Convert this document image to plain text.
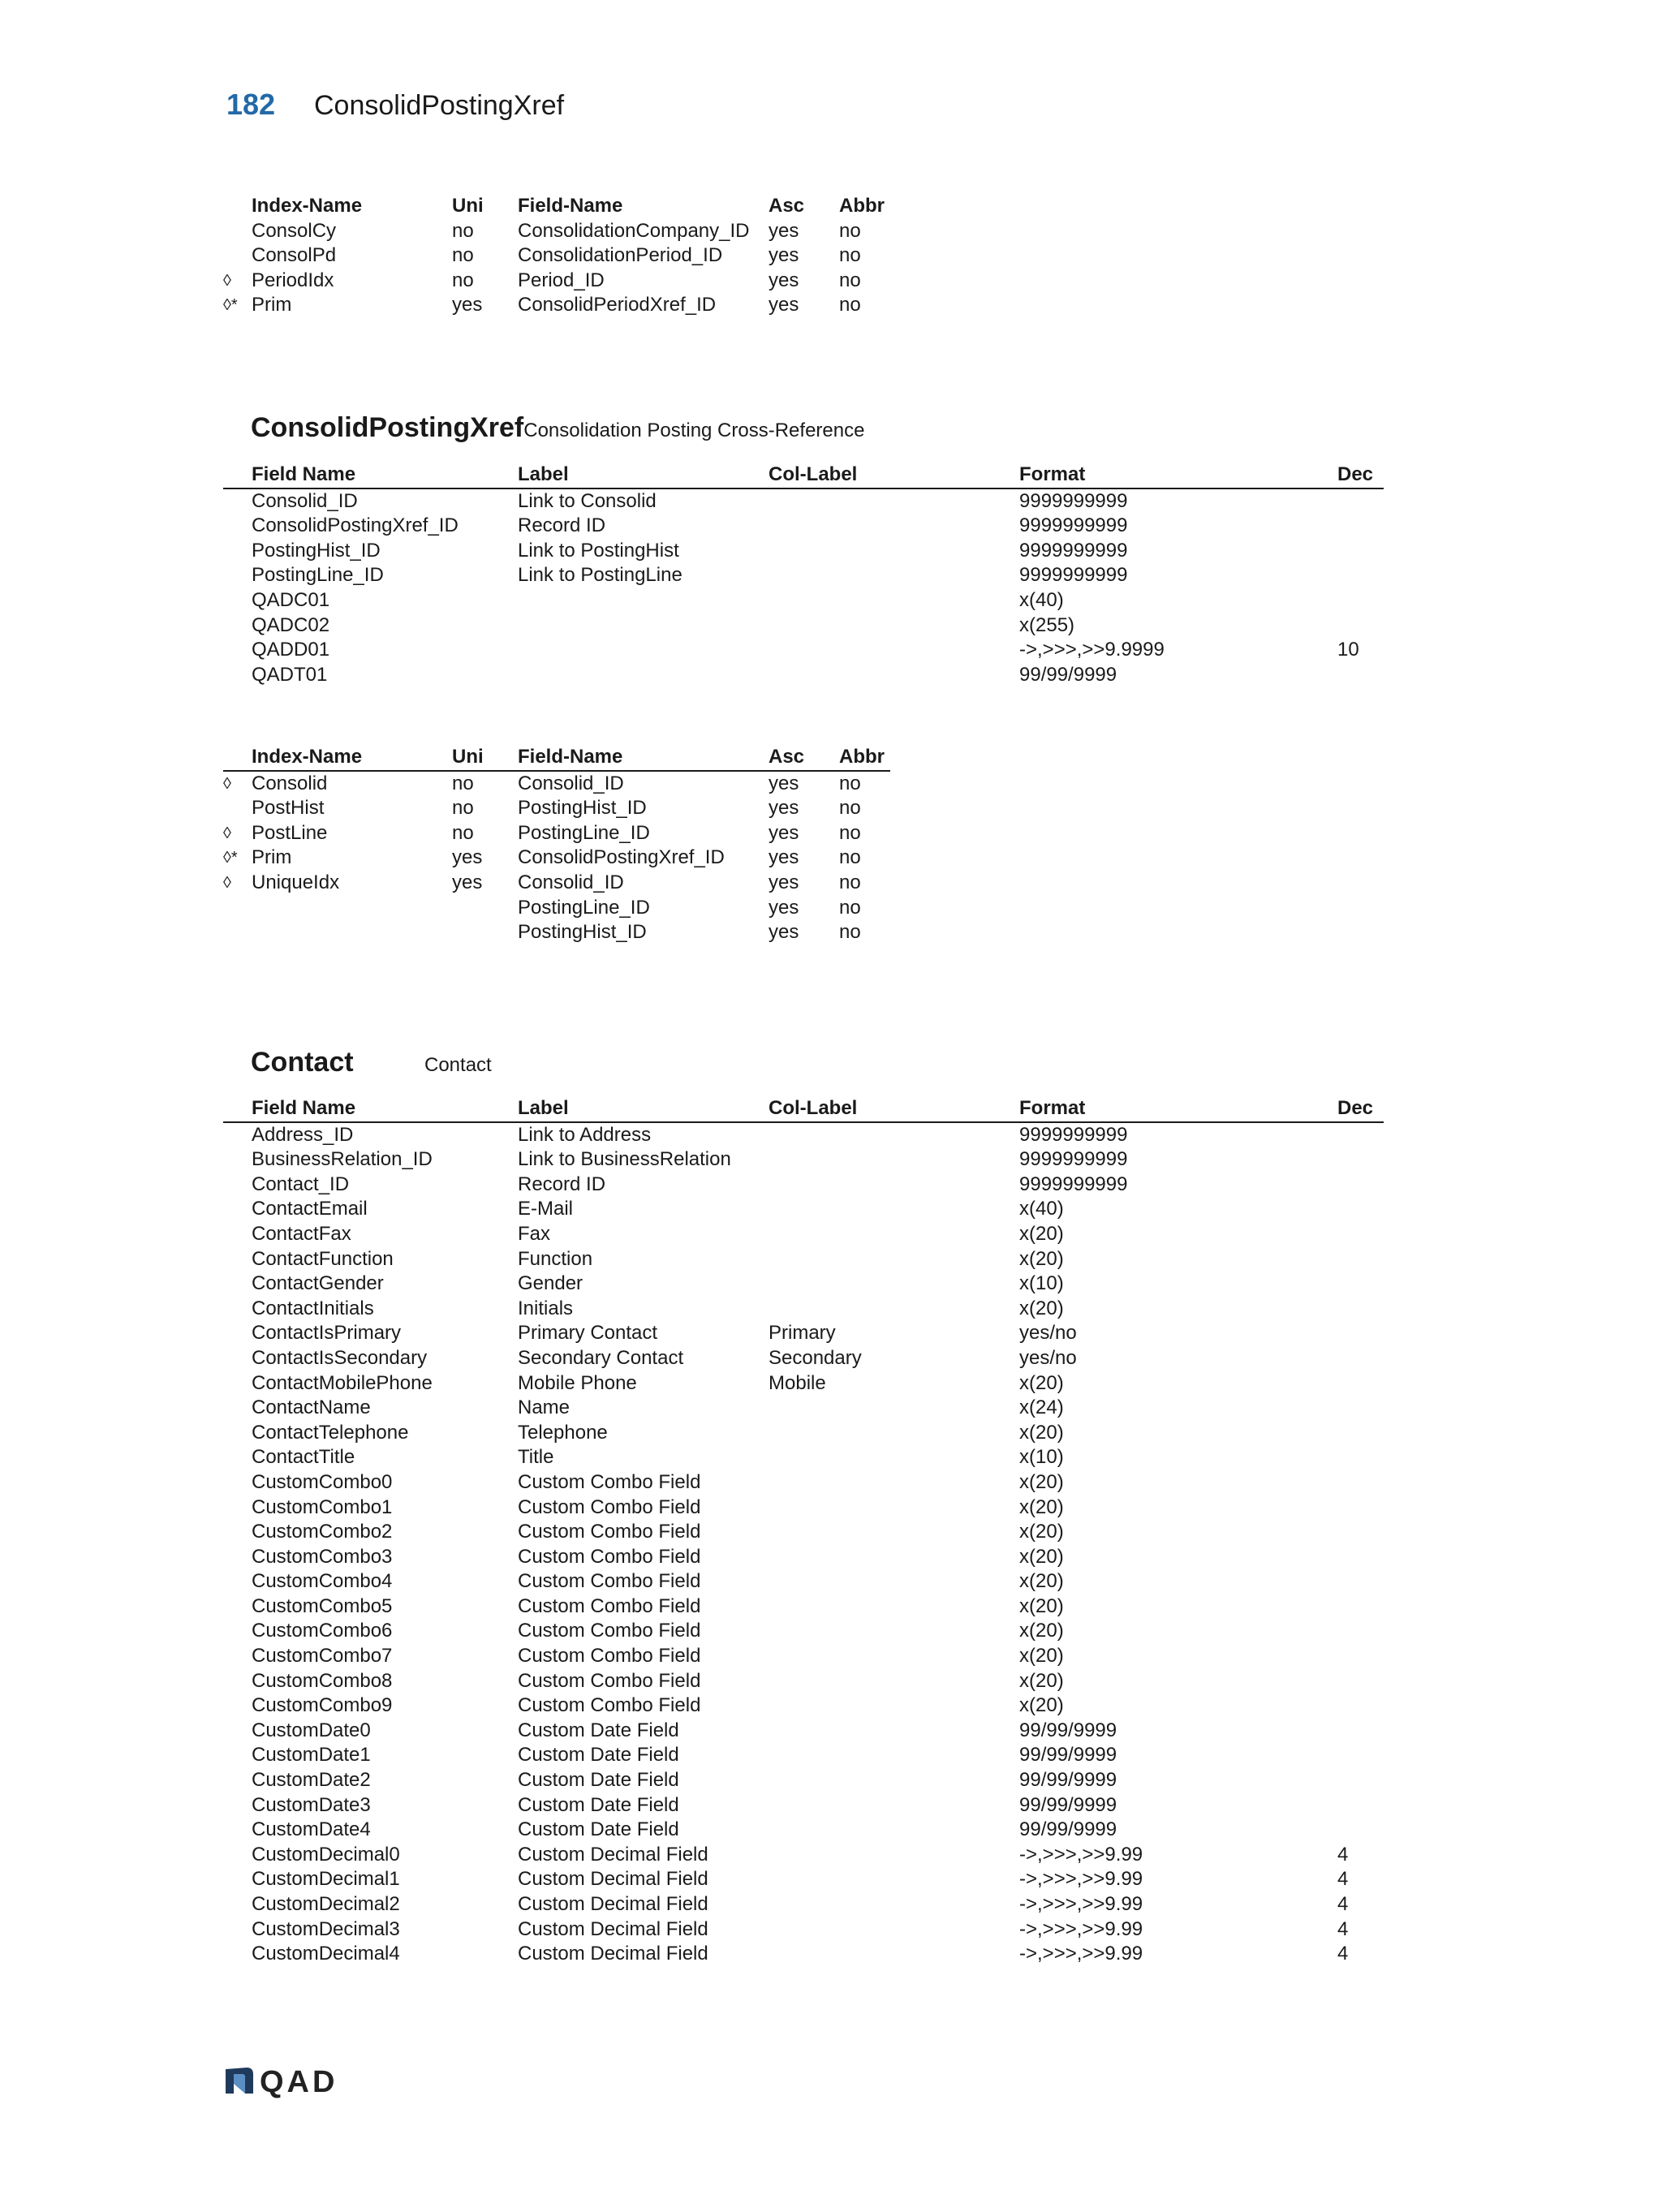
182	ConsolidPostingXref
Index-Name	Uni Field-Name	Asc Abbr
ConsolCy	no ConsolidationCompany_ID yes no
ConsolPd	no ConsolidationPeriod_ID yes no
◊ PeriodIdx	no Period_ID	yes no
◊* Prim	yes ConsolidPeriodXref_ID	yes no
ConsolidPostingXref Consolidation Posting Cross-Reference
Field Name	Label	Col-Label	Format	Dec
Consolid_ID	Link to Consolid	9999999999
ConsolidPostingXref_ID	Record ID	9999999999
PostingHist_ID	Link to PostingHist	9999999999
PostingLine_ID	Link to PostingLine	9999999999
QADC01	x(40)
QADC02	x(255)
QADD01	->,>>>,>>9.9999	10
QADT01	99/99/9999
Index-Name	Uni Field-Name	Asc Abbr
◊ Consolid	no Consolid_ID	yes no
PostHist	no PostingHist_ID	yes no
◊ PostLine	no PostingLine_ID	yes no
◊* Prim	yes ConsolidPostingXref_ID yes no
◊ UniqueIdx	yes Consolid_ID	yes no
PostingLine_ID	yes no
PostingHist_ID	yes no
Contact	Contact
Field Name	Label	Col-Label	Format	Dec
Address_ID	Link to Address	9999999999
BusinessRelation_ID	Link to BusinessRelation	9999999999
Contact_ID	Record ID	9999999999
ContactEmail	E-Mail	x(40)
ContactFax	Fax	x(20)
ContactFunction	Function	x(20)
ContactGender	Gender	x(10)
ContactInitials	Initials	x(20)
ContactIsPrimary	Primary Contact	Primary	yes/no
ContactIsSecondary	Secondary Contact	Secondary	yes/no
ContactMobilePhone	Mobile Phone	Mobile	x(20)
ContactName	Name	x(24)
ContactTelephone	Telephone	x(20)
ContactTitle	Title	x(10)
CustomCombo0	Custom Combo Field	x(20)
CustomCombo1	Custom Combo Field	x(20)
CustomCombo2	Custom Combo Field	x(20)
CustomCombo3	Custom Combo Field	x(20)
CustomCombo4	Custom Combo Field	x(20)
CustomCombo5	Custom Combo Field	x(20)
CustomCombo6	Custom Combo Field	x(20)
CustomCombo7	Custom Combo Field	x(20)
CustomCombo8	Custom Combo Field	x(20)
CustomCombo9	Custom Combo Field	x(20)
CustomDate0	Custom Date Field	99/99/9999
CustomDate1	Custom Date Field	99/99/9999
CustomDate2	Custom Date Field	99/99/9999
CustomDate3	Custom Date Field	99/99/9999
CustomDate4	Custom Date Field	99/99/9999
CustomDecimal0	Custom Decimal Field	->,>>>,>>9.99	4
CustomDecimal1	Custom Decimal Field	->,>>>,>>9.99	4
CustomDecimal2	Custom Decimal Field	->,>>>,>>9.99	4
CustomDecimal3	Custom Decimal Field	->,>>>,>>9.99	4
CustomDecimal4	Custom Decimal Field	->,>>>,>>9.99	4
QAD
